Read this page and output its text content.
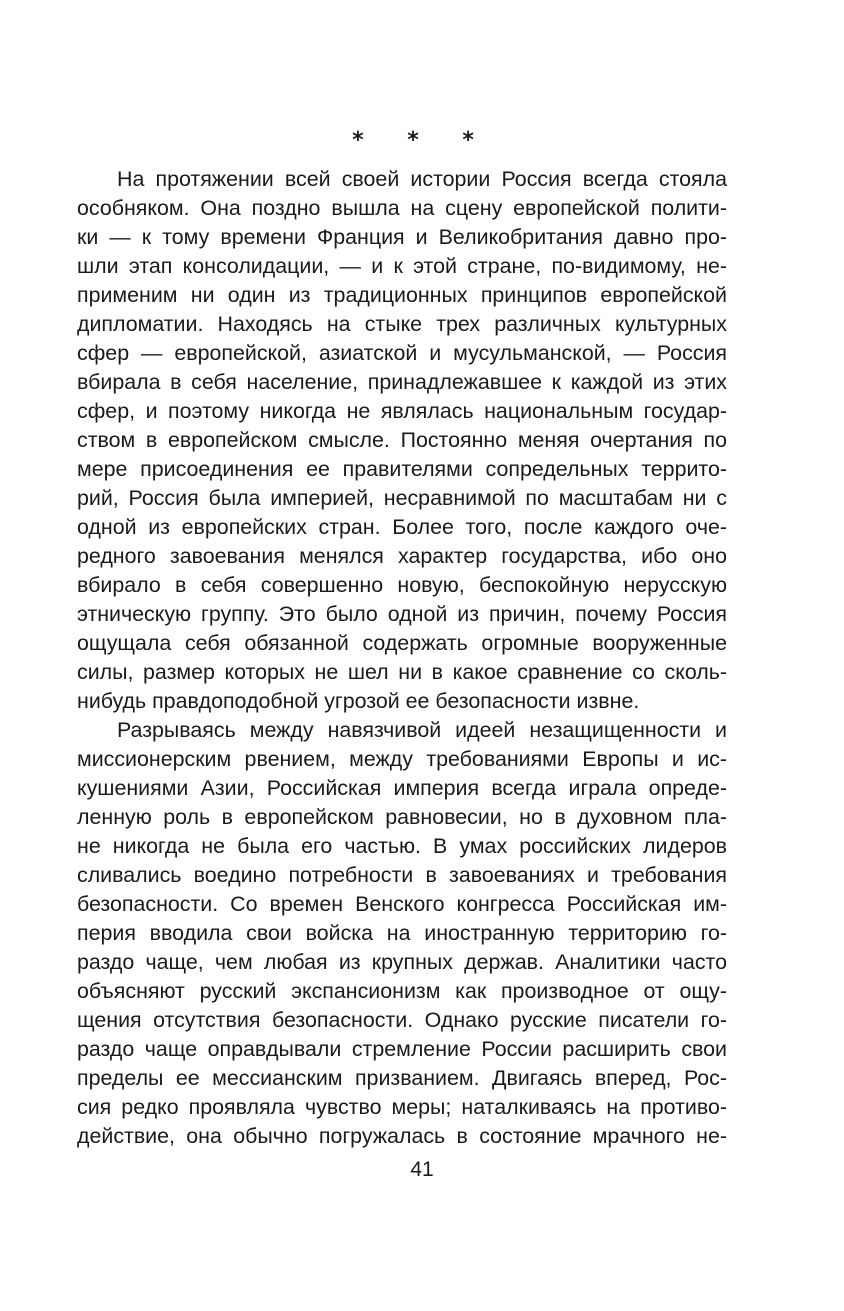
* * *
На протяжении всей своей истории Россия всегда стояла
особняком. Она поздно вышла на сцену европейской полити-
ки — к тому времени Франция и Великобритания давно про-
шли этап консолидации, — и к этой стране, по-видимому, не-
применим ни один из традиционных принципов европейской
дипломатии. Находясь на стыке трех различных культурных
сфер — европейской, азиатской и мусульманской, — Россия
вбирала в себя население, принадлежавшее к каждой из этих
сфер, и поэтому никогда не являлась национальным государ-
ством в европейском смысле. Постоянно меняя очертания по
мере присоединения ее правителями сопредельных террито-
рий, Россия была империей, несравнимой по масштабам ни с
одной из европейских стран. Более того, после каждого оче-
редного завоевания менялся характер государства, ибо оно
вбирало в себя совершенно новую, беспокойную нерусскую
этническую группу. Это было одной из причин, почему Россия
ощущала себя обязанной содержать огромные вооруженные
силы, размер которых не шел ни в какое сравнение со сколь-
нибудь правдоподобной угрозой ее безопасности извне.
Разрываясь между навязчивой идеей незащищенности и
миссионерским рвением, между требованиями Европы и ис-
кушениями Азии, Российская империя всегда играла опреде-
ленную роль в европейском равновесии, но в духовном пла-
не никогда не была его частью. В умах российских лидеров
сливались воедино потребности в завоеваниях и требования
безопасности. Со времен Венского конгресса Российская им-
перия вводила свои войска на иностранную территорию го-
раздо чаще, чем любая из крупных держав. Аналитики часто
объясняют русский экспансионизм как производное от ощу-
щения отсутствия безопасности. Однако русские писатели го-
раздо чаще оправдывали стремление России расширить свои
пределы ее мессианским призванием. Двигаясь вперед, Рос-
сия редко проявляла чувство меры; наталкиваясь на противо-
действие, она обычно погружалась в состояние мрачного не-
41
